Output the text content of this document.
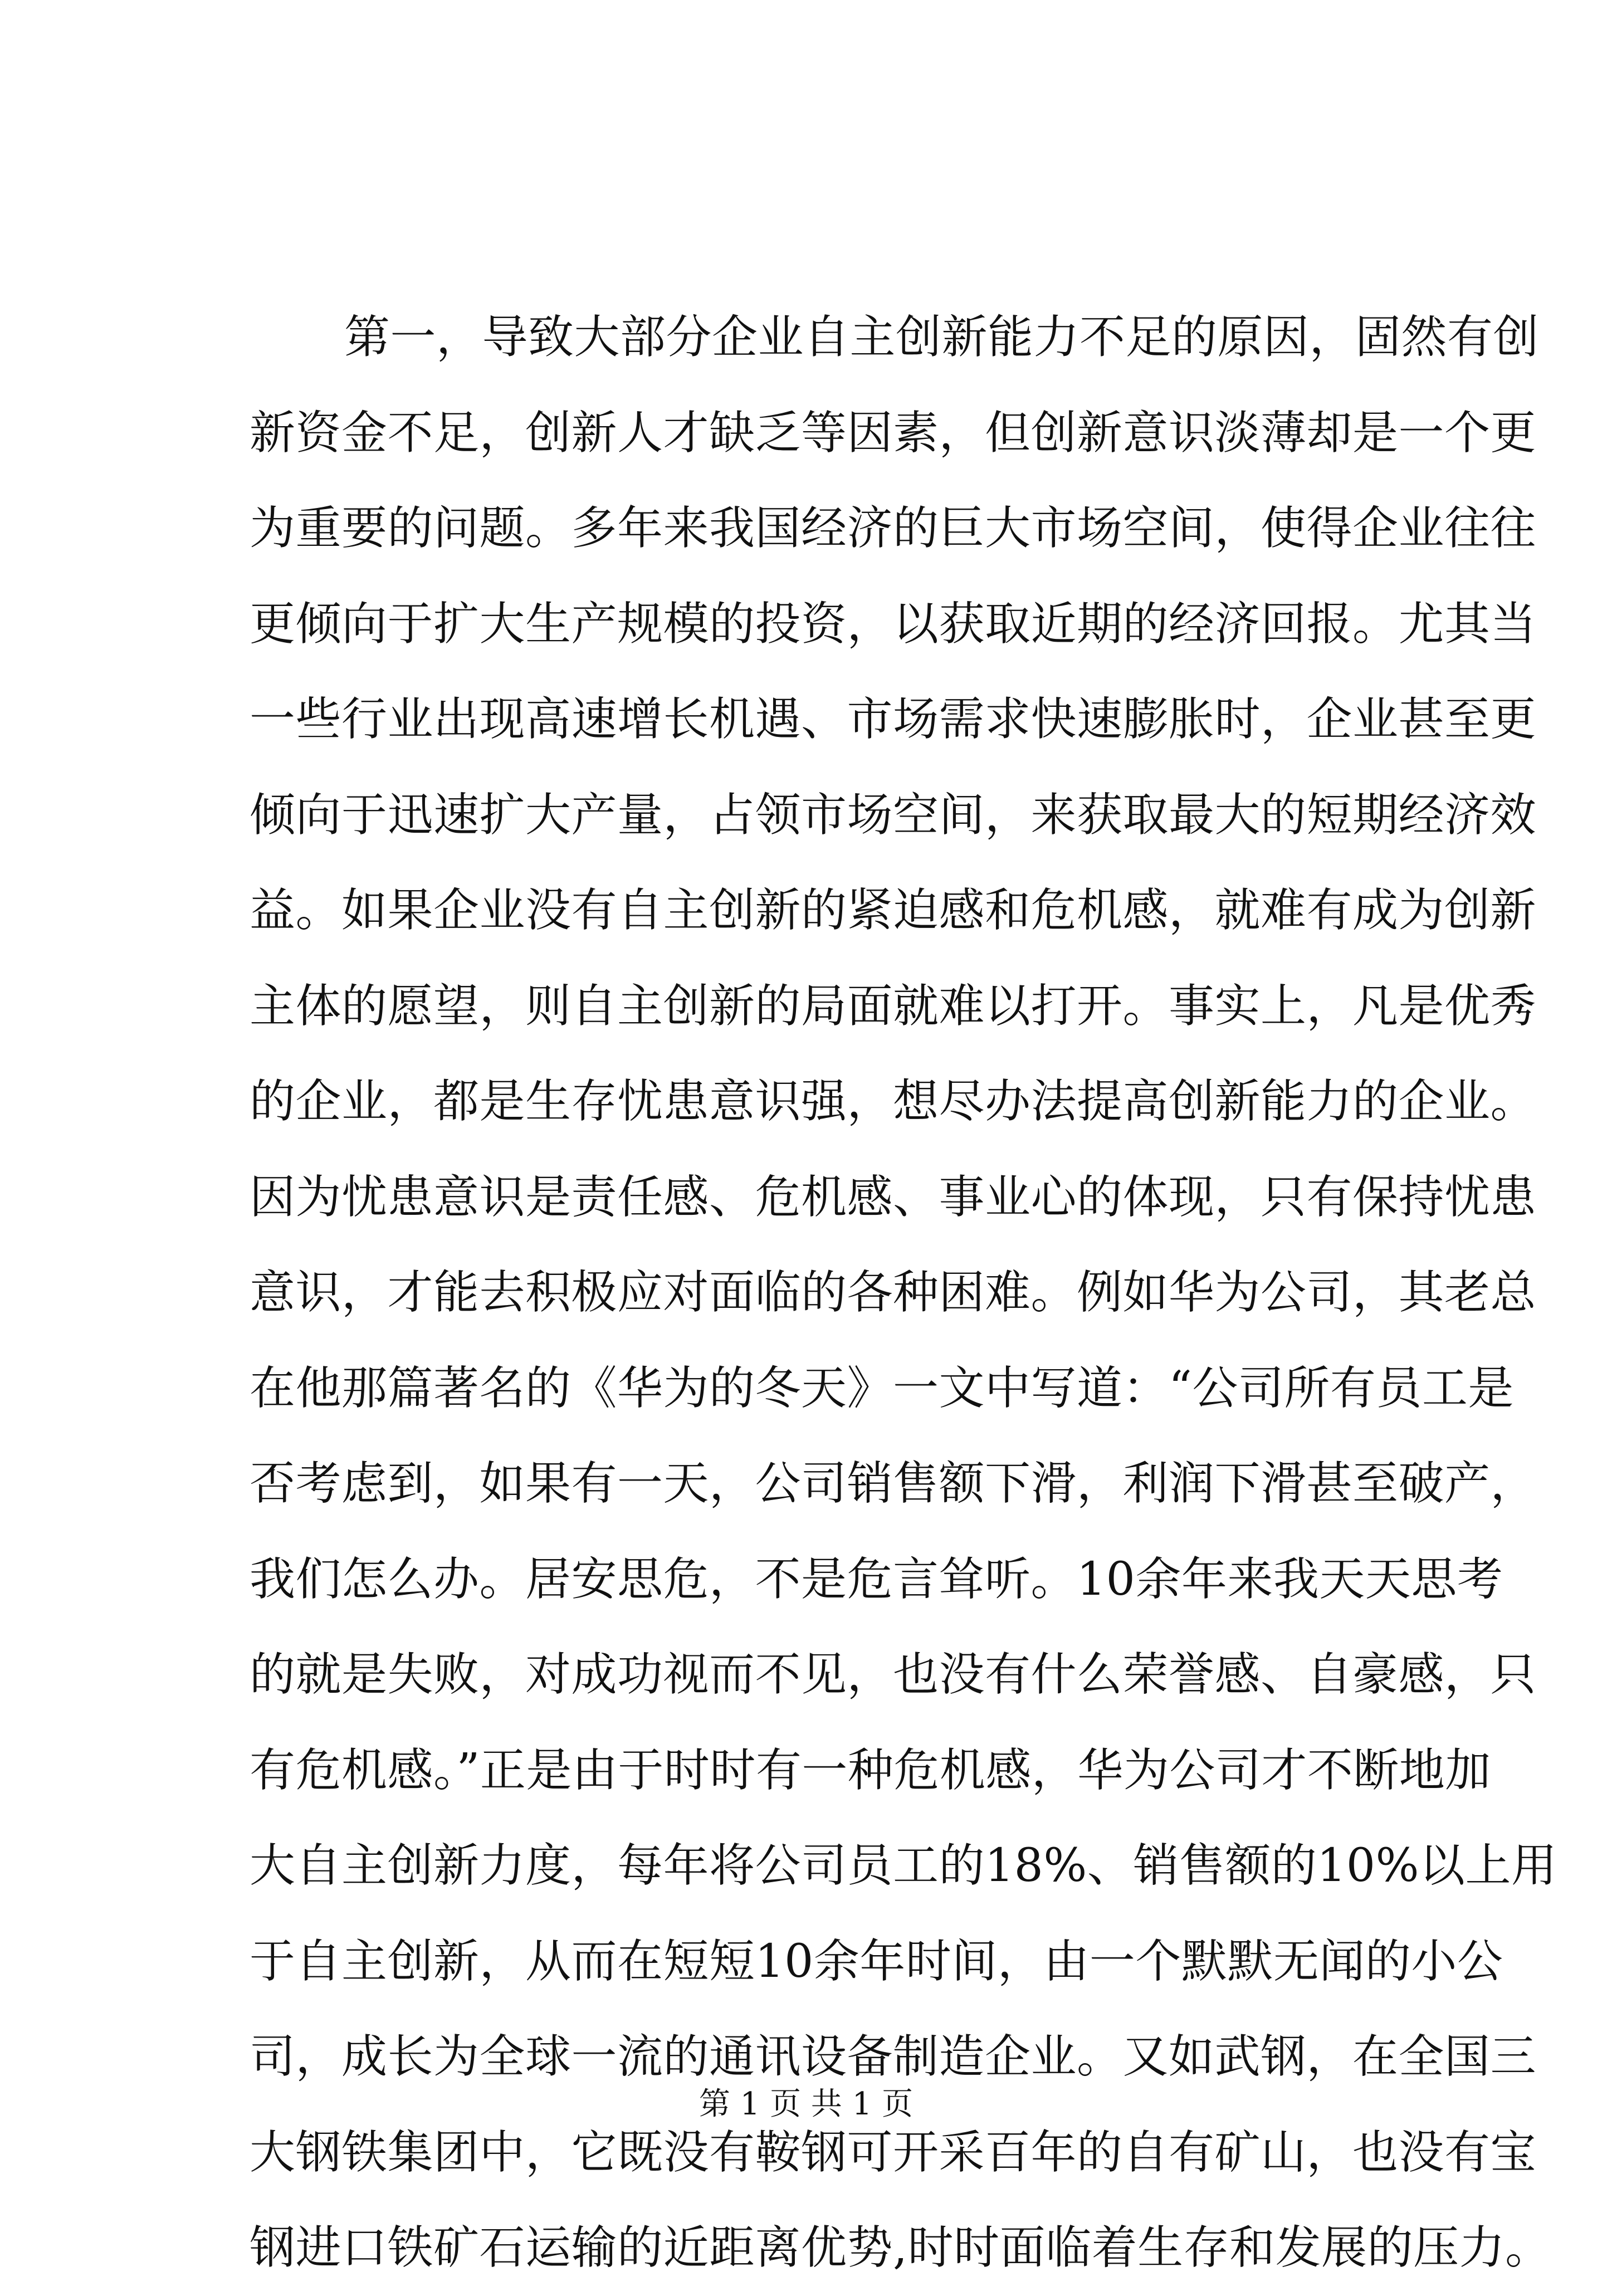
第一，导致大部分企业自主创新能力不足的原因，固然有创
新资金不足，创新人才缺乏等因素，但创新意识淡薄却是一个更
为重要的问题。多年来我国经济的巨大市场空间，使得企业往往
更倾向于扩大生产规模的投资，以获取近期的经济回报。尤其当
一些行业出现高速增长机遇、市场需求快速膨胀时，企业甚至更
倾向于迅速扩大产量，占领市场空间，来获取最大的短期经济效
益。如果企业没有自主创新的紧迫感和危机感，就难有成为创新
主体的愿望，则自主创新的局面就难以打开。事实上，凡是优秀
的企业，都是生存忧患意识强，想尽办法提高创新能力的企业。
因为忧患意识是责任感、危机感、事业心的体现，只有保持忧患
意识，才能去积极应对面临的各种困难。例如华为公司，其老总
在他那篇著名的《华为的冬天》一文中写道：“公司所有员工是
否考虑到，如果有一天，公司销售额下滑，利润下滑甚至破产，
我们怎么办。居安思危，不是危言耸听。10余年来我天天思考
的就是失败，对成功视而不见，也没有什么荣誉感、自豪感，只
有危机感。”正是由于时时有一种危机感，华为公司才不断地加
大自主创新力度，每年将公司员工的18%、销售额的10%以上用
于自主创新，从而在短短10余年时间，由一个默默无闻的小公
司，成长为全球一流的通讯设备制造企业。又如武钢，在全国三
大钢铁集团中，它既没有鞍钢可开采百年的自有矿山，也没有宝
钢进口铁矿石运输的近距离优势,时时面临着生存和发展的压力。
第 1 页 共 1 页
